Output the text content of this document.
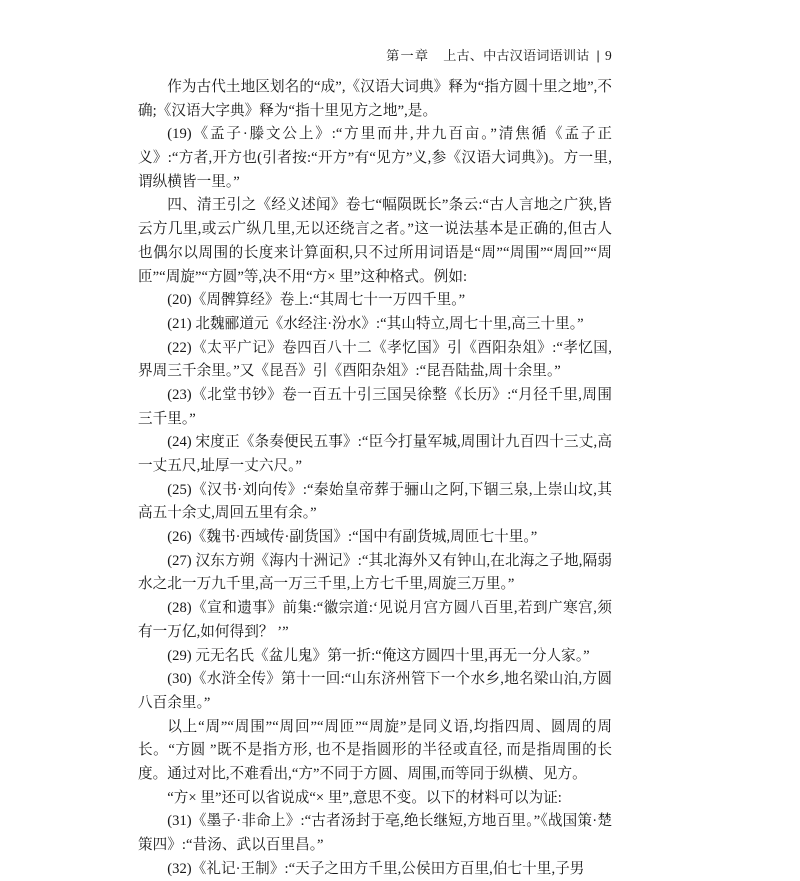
第一章 上古、中古汉语词语训诂 | 9

作为古代土地区划名的“成”,《汉语大词典》释为“指方圆十里之地”,不确;《汉语大字典》释为“指十里见方之地”,是。

(19)《孟子·滕文公上》:“方里而井,井九百亩。”清焦循《孟子正义》:“方者,开方也(引者按:“开方”有“见方”义,参《汉语大词典》)。方一里,谓纵横皆一里。”

四、清王引之《经义述闻》卷七“幅陨既长”条云:“古人言地之广狭,皆云方几里,或云广纵几里,无以还绕言之者。”这一说法基本是正确的,但古人也偶尔以周围的长度来计算面积,只不过所用词语是“周”“周围”“周回”“周匝”“周旋”“方圆”等,决不用“方× 里”这种格式。例如:

(20)《周髀算经》卷上:“其周七十一万四千里。”

(21) 北魏郦道元《水经注·汾水》:“其山特立,周七十里,高三十里。”

(22)《太平广记》卷四百八十二《孝忆国》引《酉阳杂俎》:“孝忆国,界周三千余里。”又《昆吾》引《酉阳杂俎》:“昆吾陆盐,周十余里。”

(23)《北堂书钞》卷一百五十引三国吴徐整《长历》:“月径千里,周围三千里。”

(24) 宋度正《条奏便民五事》:“臣今打量军城,周围计九百四十三丈,高一丈五尺,址厚一丈六尺。”

(25)《汉书·刘向传》:“秦始皇帝葬于骊山之阿,下锢三泉,上崇山坟,其高五十余丈,周回五里有余。”

(26)《魏书·西域传·副货国》:“国中有副货城,周匝七十里。”

(27) 汉东方朔《海内十洲记》:“其北海外又有钟山,在北海之子地,隔弱水之北一万九千里,高一万三千里,上方七千里,周旋三万里。”

(28)《宣和遗事》前集:“徽宗道:‘见说月宫方圆八百里,若到广寒宫,须有一万亿,如何得到？ ’”

(29) 元无名氏《盆儿鬼》第一折:“俺这方圆四十里,再无一分人家。”

(30)《水浒全传》第十一回:“山东济州管下一个水乡,地名梁山泊,方圆八百余里。”

以上“周”“周围”“周回”“周匝”“周旋”是同义语,均指四周、圆周的周长。“方圆 ”既不是指方形, 也不是指圆形的半径或直径, 而是指周围的长度。通过对比,不难看出,“方”不同于方圆、周围,而等同于纵横、见方。

“方× 里”还可以省说成“× 里”,意思不变。以下的材料可以为证:

(31)《墨子·非命上》:“古者汤封于亳,绝长继短,方地百里。”《战国策·楚策四》:“昔汤、武以百里昌。”

(32)《礼记·王制》:“天子之田方千里,公侯田方百里,伯七十里,子男
